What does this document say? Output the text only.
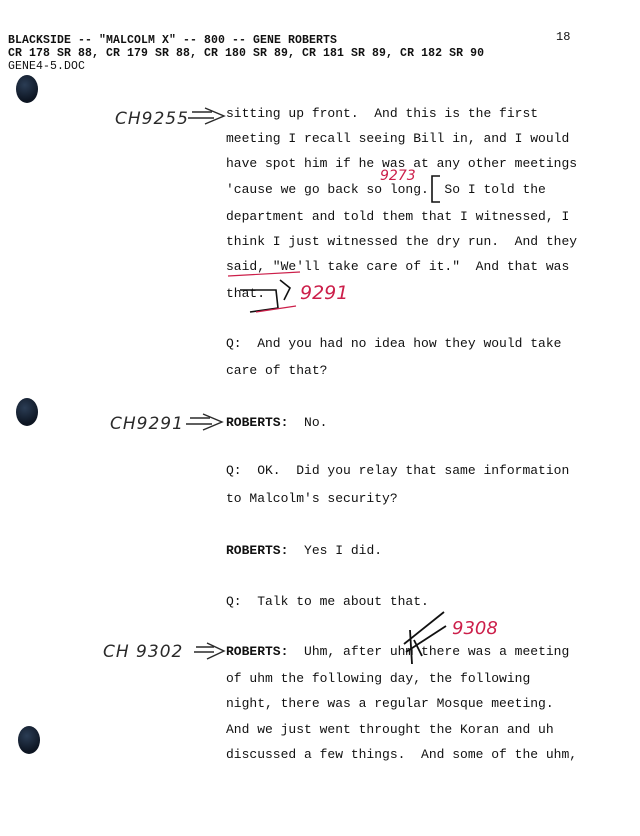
BLACKSIDE -- "MALCOLM X" -- 800 -- GENE ROBERTS	18
CR 178 SR 88, CR 179 SR 88, CR 180 SR 89, CR 181 SR 89, CR 182 SR 90
GENE4-5.DOC
sitting up front.  And this is the first
meeting I recall seeing Bill in, and I would
have spot him if he was at any other meetings
'cause we go back so long.  So I told the
department and told them that I witnessed, I
think I just witnessed the dry run.  And they
said, "We'll take care of it."  And that was
that.
Q:  And you had no idea how they would take
care of that?
ROBERTS: No.
Q:  OK.  Did you relay that same information
to Malcolm's security?
ROBERTS: Yes I did.
Q:  Talk to me about that.
ROBERTS: Uhm, after uhm there was a meeting
of uhm the following day, the following
night, there was a regular Mosque meeting.
And we just went throught the Koran and uh
discussed a few things.  And some of the uhm,
CH9255
CH9291
CH 9302
9273
9291
9308
